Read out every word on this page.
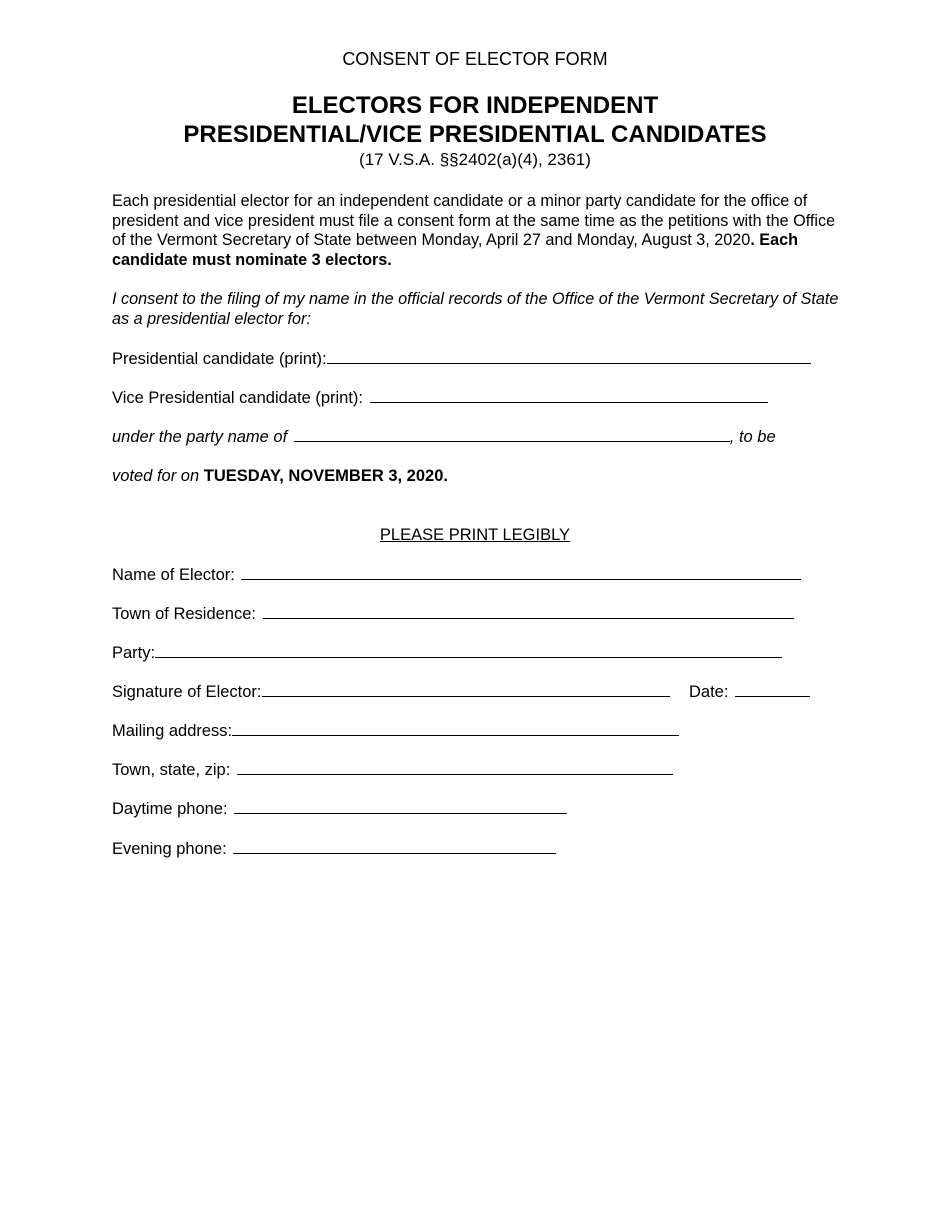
CONSENT OF ELECTOR FORM
ELECTORS FOR INDEPENDENT
PRESIDENTIAL/VICE PRESIDENTIAL CANDIDATES
(17 V.S.A. §§2402(a)(4), 2361)

Each presidential elector for an independent candidate or a minor party candidate for the office of president and vice president must file a consent form at the same time as the petitions with the Office of the Vermont Secretary of State between Monday, April 27 and Monday, August 3, 2020. Each candidate must nominate 3 electors.

I consent to the filing of my name in the official records of the Office of the Vermont Secretary of State as a presidential elector for:

Presidential candidate (print):
Vice Presidential candidate (print):
under the party name of	, to be
voted for on TUESDAY, NOVEMBER 3, 2020.
PLEASE PRINT LEGIBLY
Name of Elector:
Town of Residence:
Party:
Signature of Elector:	Date:
Mailing address:
Town, state, zip:
Daytime phone:
Evening phone:
